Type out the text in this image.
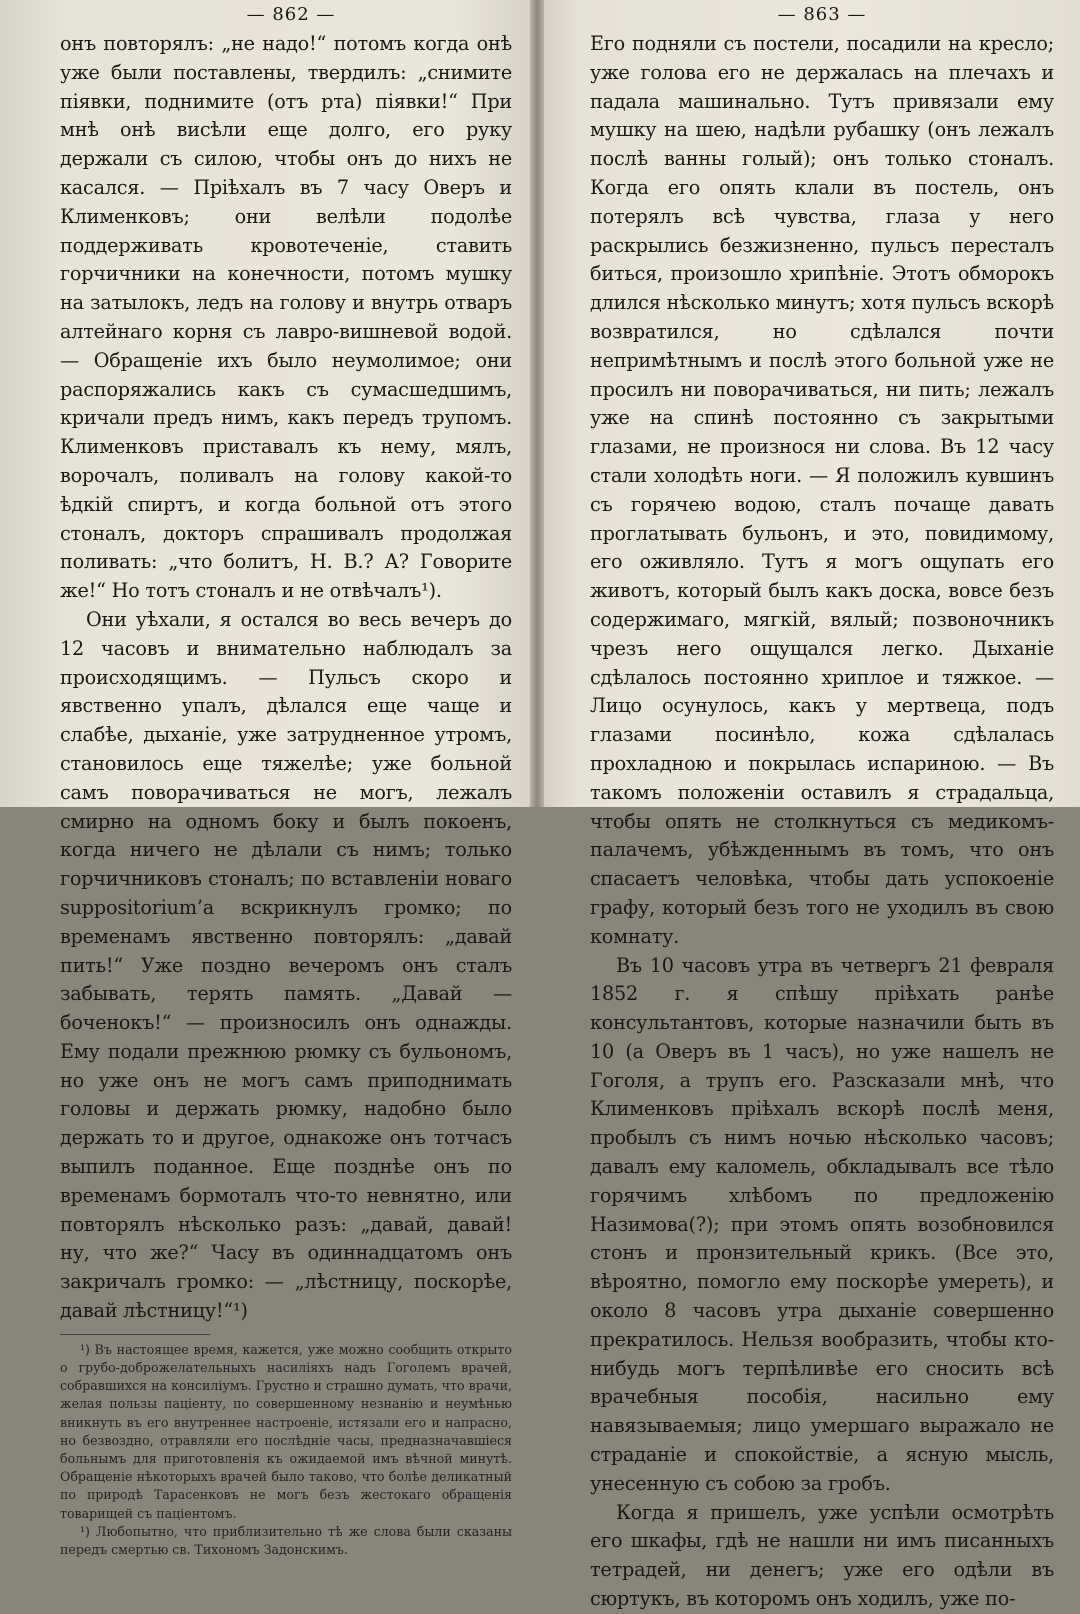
— 862 —

онъ повторялъ: „не надо!“ потомъ когда онѣ уже были поставлены, твердилъ: „снимите піявки, поднимите (отъ рта) піявки!“ При мнѣ онѣ висѣли еще долго, его руку держали съ силою, чтобы онъ до нихъ не касался. — Пріѣхалъ въ 7 часу Оверъ и Клименковъ; они велѣли подолѣе поддерживать кровотеченіе, ставить горчичники на конечности, потомъ мушку на затылокъ, ледъ на голову и внутрь отваръ алтейнаго корня съ лавро-вишневой водой. — Обращеніе ихъ было неумолимое; они распоряжались какъ съ сумасшедшимъ, кричали предъ нимъ, какъ передъ трупомъ. Клименковъ приставалъ къ нему, мялъ, ворочалъ, поливалъ на голову какой-то ѣдкій спиртъ, и когда больной отъ этого стоналъ, докторъ спрашивалъ продолжая поливать: „что болитъ, Н. В.? А? Говорите же!“ Но тотъ стоналъ и не отвѣчалъ¹).

Они уѣхали, я остался во весь вечеръ до 12 часовъ и внимательно наблюдалъ за происходящимъ. — Пульсъ скоро и явственно упалъ, дѣлался еще чаще и слабѣе, дыханіе, уже затрудненное утромъ, становилось еще тяжелѣе; уже больной самъ поворачиваться не могъ, лежалъ смирно на одномъ боку и былъ покоенъ, когда ничего не дѣлали съ нимъ; только горчичниковъ стоналъ; по вставленіи новаго suppositorium’а вскрикнулъ громко; по временамъ явственно повторялъ: „давай пить!“ Уже поздно вечеромъ онъ сталъ забывать, терять память. „Давай — боченокъ!“ — произносилъ онъ однажды. Ему подали прежнюю рюмку съ бульономъ, но уже онъ не могъ самъ приподнимать головы и держать рюмку, надобно было держать то и другое, однакоже онъ тотчасъ выпилъ поданное. Еще позднѣе онъ по временамъ бормоталъ что-то невнятно, или повторялъ нѣсколько разъ: „давай, давай! ну, что же?“ Часу въ одиннадцатомъ онъ закричалъ громко: — „лѣстницу, поскорѣе, давай лѣстницу!“¹)

¹) Въ настоящее время, кажется, уже можно сообщить открыто о грубо-доброжелательныхъ насиліяхъ надъ Гоголемъ врачей, собравшихся на консиліумъ. Грустно и страшно думать, что врачи, желая пользы паціенту, по совершенному незнанію и неумѣнью вникнуть въ его внутреннее настроеніе, истязали его и напрасно, но безвоздно, отравляли его послѣдніе часы, предназначавшіеся больнымъ для приготовленія къ ожидаемой имъ вѣчной минутѣ. Обращеніе нѣкоторыхъ врачей было таково, что болѣе деликатный по природѣ Тарасенковъ не могъ безъ жестокаго обращенія товарищей съ паціентомъ.

¹) Любопытно, что приблизительно тѣ же слова были сказаны передъ смертью св. Тихономъ Задонскимъ.

— 863 —

Его подняли съ постели, посадили на кресло; уже голова его не держалась на плечахъ и падала машинально. Тутъ привязали ему мушку на шею, надѣли рубашку (онъ лежалъ послѣ ванны голый); онъ только стоналъ. Когда его опять клали въ постель, онъ потерялъ всѣ чувства, глаза у него раскрылись безжизненно, пульсъ пересталъ биться, произошло хрипѣніе. Этотъ обморокъ длился нѣсколько минутъ; хотя пульсъ вскорѣ возвратился, но сдѣлался почти непримѣтнымъ и послѣ этого больной уже не просилъ ни поворачиваться, ни пить; лежалъ уже на спинѣ постоянно съ закрытыми глазами, не произнося ни слова. Въ 12 часу стали холодѣть ноги. — Я положилъ кувшинъ съ горячею водою, сталъ почаще давать проглатывать бульонъ, и это, повидимому, его оживляло. Тутъ я могъ ощупать его животъ, который былъ какъ доска, вовсе безъ содержимаго, мягкій, вялый; позвоночникъ чрезъ него ощущался легко. Дыханіе сдѣлалось постоянно хриплое и тяжкое. — Лицо осунулось, какъ у мертвеца, подъ глазами посинѣло, кожа сдѣлалась прохладною и покрылась испариною. — Въ такомъ положеніи оставилъ я страдальца, чтобы опять не столкнуться съ медикомъ-палачемъ, убѣжденнымъ въ томъ, что онъ спасаетъ человѣка, чтобы дать успокоеніе графу, который безъ того не уходилъ въ свою комнату.

Въ 10 часовъ утра въ четвергъ 21 февраля 1852 г. я спѣшу пріѣхать ранѣе консультантовъ, которые назначили быть въ 10 (а Оверъ въ 1 часъ), но уже нашелъ не Гоголя, а трупъ его. Разсказали мнѣ, что Клименковъ пріѣхалъ вскорѣ послѣ меня, пробылъ съ нимъ ночью нѣсколько часовъ; давалъ ему каломель, обкладывалъ все тѣло горячимъ хлѣбомъ по предложенію Назимова(?); при этомъ опять возобновился стонъ и пронзительный крикъ. (Все это, вѣроятно, помогло ему поскорѣе умереть), и около 8 часовъ утра дыханіе совершенно прекратилось. Нельзя вообразить, чтобы кто-нибудь могъ терпѣливѣе его сносить всѣ врачебныя пособія, насильно ему навязываемыя; лицо умершаго выражало не страданіе и спокойствіе, а ясную мысль, унесенную съ собою за гробъ.

Когда я пришелъ, уже успѣли осмотрѣть его шкафы, гдѣ не нашли ни имъ писанныхъ тетрадей, ни денегъ; уже его одѣли въ сюртукъ, въ которомъ онъ ходилъ, уже по-
